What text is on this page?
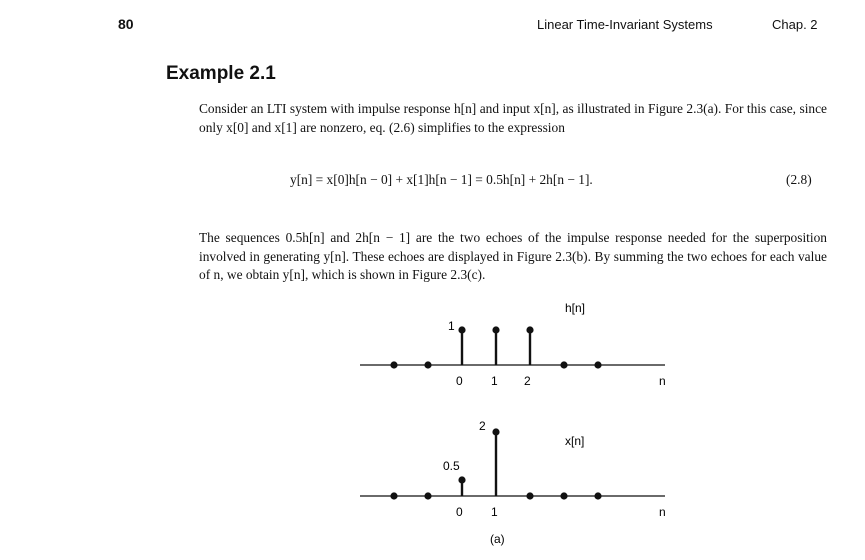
80	Linear Time-Invariant Systems	Chap. 2
Example 2.1
Consider an LTI system with impulse response h[n] and input x[n], as illustrated in Figure 2.3(a). For this case, since only x[0] and x[1] are nonzero, eq. (2.6) simplifies to the expression
y[n] = x[0]h[n − 0] + x[1]h[n − 1] = 0.5h[n] + 2h[n − 1].	(2.8)
The sequences 0.5h[n] and 2h[n − 1] are the two echoes of the impulse response needed for the superposition involved in generating y[n]. These echoes are displayed in Figure 2.3(b). By summing the two echoes for each value of n, we obtain y[n], which is shown in Figure 2.3(c).
h[n]
n
0 1 2
1
x[n]
n
0 1
2
0.5
(a)
